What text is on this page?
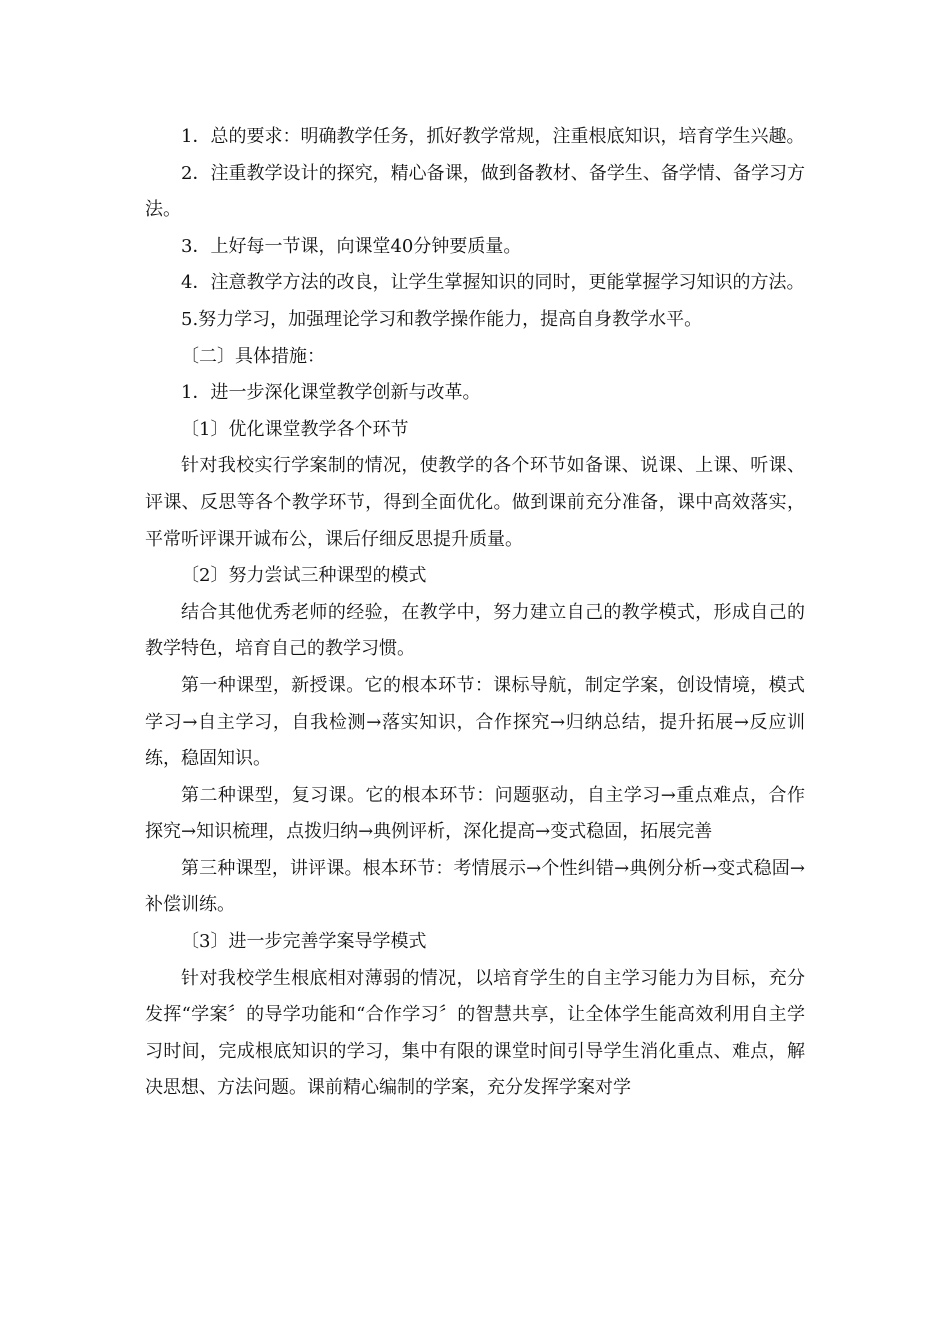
1．总的要求：明确教学任务，抓好教学常规，注重根底知识，培育学生兴趣。

2．注重教学设计的探究，精心备课，做到备教材、备学生、备学情、备学习方法。

3．上好每一节课，向课堂40分钟要质量。

4．注意教学方法的改良，让学生掌握知识的同时，更能掌握学习知识的方法。

5.努力学习，加强理论学习和教学操作能力，提高自身教学水平。

〔二〕具体措施：

1．进一步深化课堂教学创新与改革。

〔1〕优化课堂教学各个环节

针对我校实行学案制的情况，使教学的各个环节如备课、说课、上课、听课、评课、反思等各个教学环节，得到全面优化。做到课前充分准备，课中高效落实，平常听评课开诚布公，课后仔细反思提升质量。

〔2〕努力尝试三种课型的模式

结合其他优秀老师的经验，在教学中，努力建立自己的教学模式，形成自己的教学特色，培育自己的教学习惯。

第一种课型，新授课。它的根本环节：课标导航，制定学案，创设情境，模式学习→自主学习，自我检测→落实知识，合作探究→归纳总结，提升拓展→反应训练，稳固知识。

第二种课型，复习课。它的根本环节：问题驱动，自主学习→重点难点，合作探究→知识梳理，点拨归纳→典例评析，深化提高→变式稳固，拓展完善

第三种课型，讲评课。根本环节：考情展示→个性纠错→典例分析→变式稳固→补偿训练。

〔3〕进一步完善学案导学模式

针对我校学生根底相对薄弱的情况，以培育学生的自主学习能力为目标，充分发挥“学案〞的导学功能和“合作学习〞的智慧共享，让全体学生能高效利用自主学习时间，完成根底知识的学习，集中有限的课堂时间引导学生消化重点、难点，解决思想、方法问题。课前精心编制的学案，充分发挥学案对学
